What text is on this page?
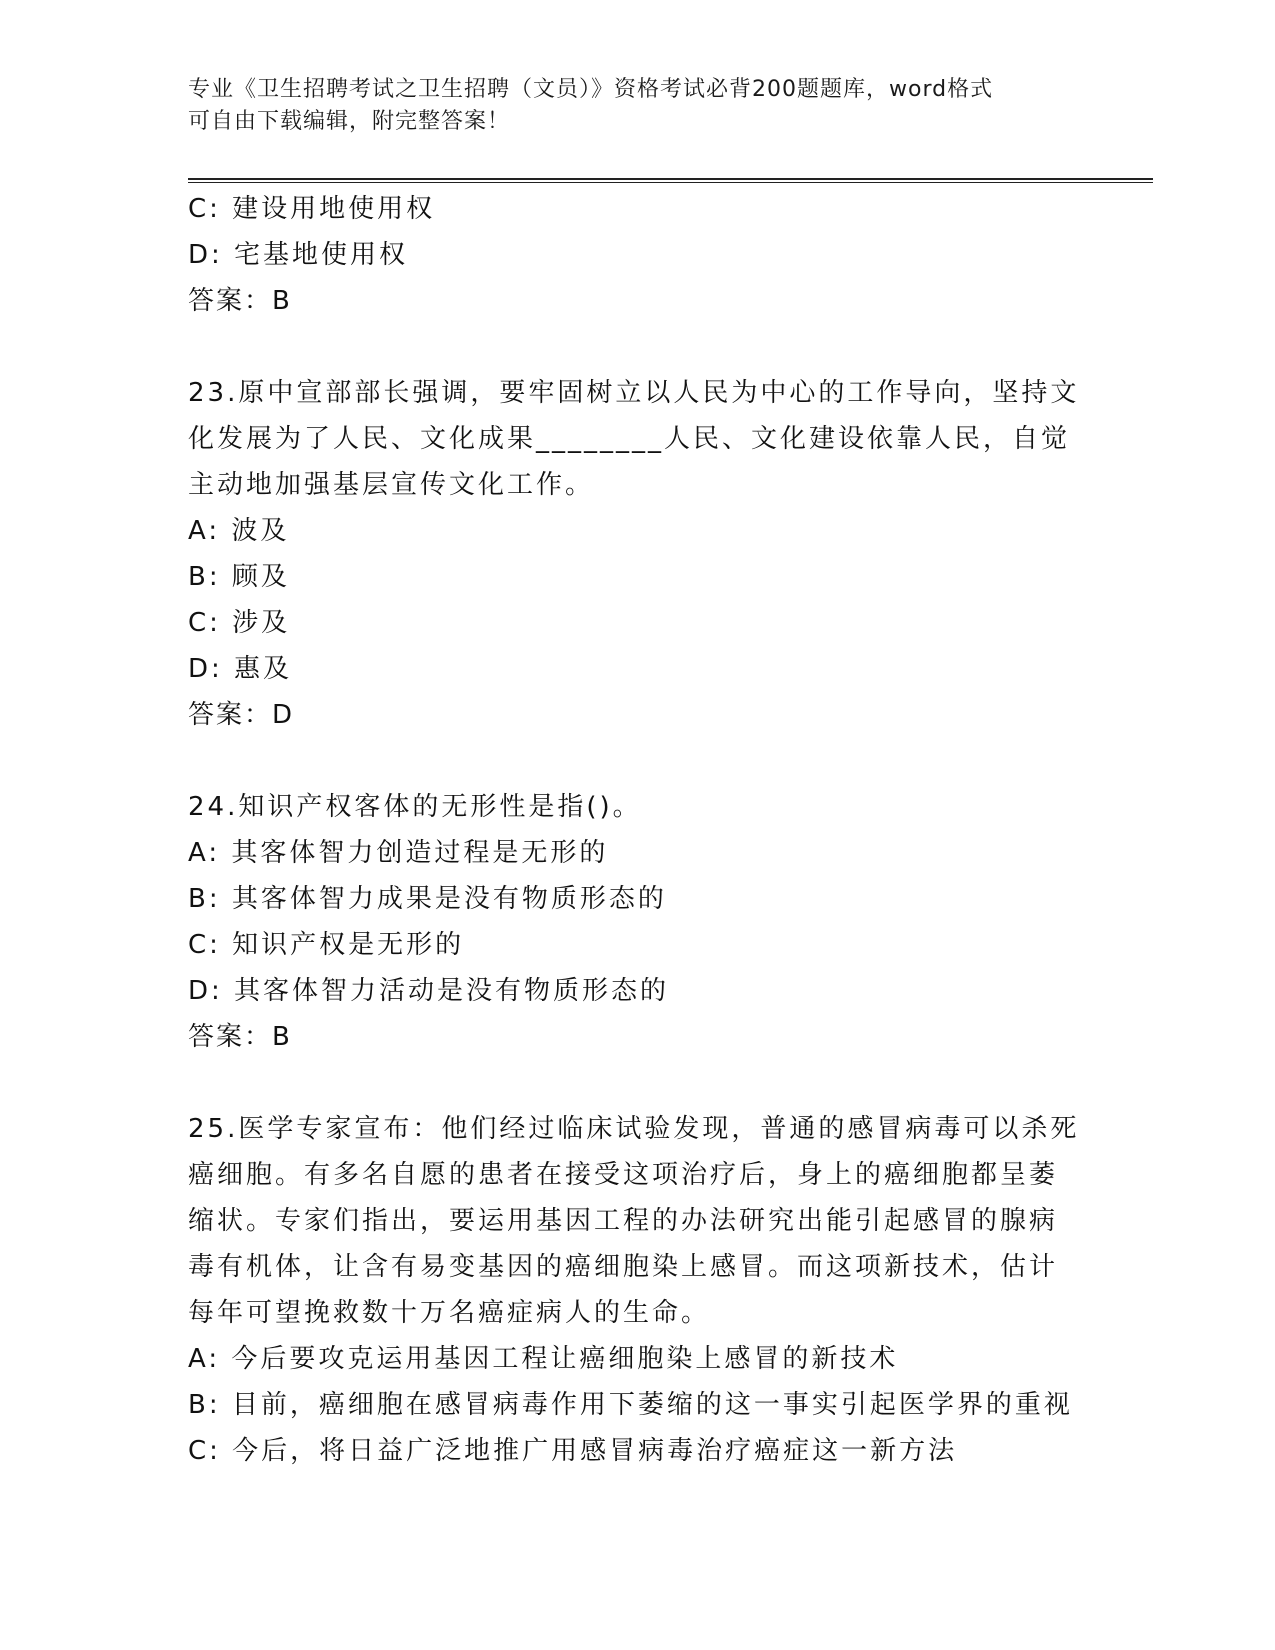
专业《卫生招聘考试之卫生招聘（文员）》资格考试必背200题题库，word格式
可自由下载编辑，附完整答案！
C: 建设用地使用权
D: 宅基地使用权
答案：B
23.原中宣部部长强调，要牢固树立以人民为中心的工作导向，坚持文
化发展为了人民、文化成果________人民、文化建设依靠人民，自觉
主动地加强基层宣传文化工作。
A: 波及
B: 顾及
C: 涉及
D: 惠及
答案：D
24.知识产权客体的无形性是指()。
A: 其客体智力创造过程是无形的
B: 其客体智力成果是没有物质形态的
C: 知识产权是无形的
D: 其客体智力活动是没有物质形态的
答案：B
25.医学专家宣布：他们经过临床试验发现，普通的感冒病毒可以杀死
癌细胞。有多名自愿的患者在接受这项治疗后，身上的癌细胞都呈萎
缩状。专家们指出，要运用基因工程的办法研究出能引起感冒的腺病
毒有机体，让含有易变基因的癌细胞染上感冒。而这项新技术，估计
每年可望挽救数十万名癌症病人的生命。
A: 今后要攻克运用基因工程让癌细胞染上感冒的新技术
B: 目前，癌细胞在感冒病毒作用下萎缩的这一事实引起医学界的重视
C: 今后，将日益广泛地推广用感冒病毒治疗癌症这一新方法
